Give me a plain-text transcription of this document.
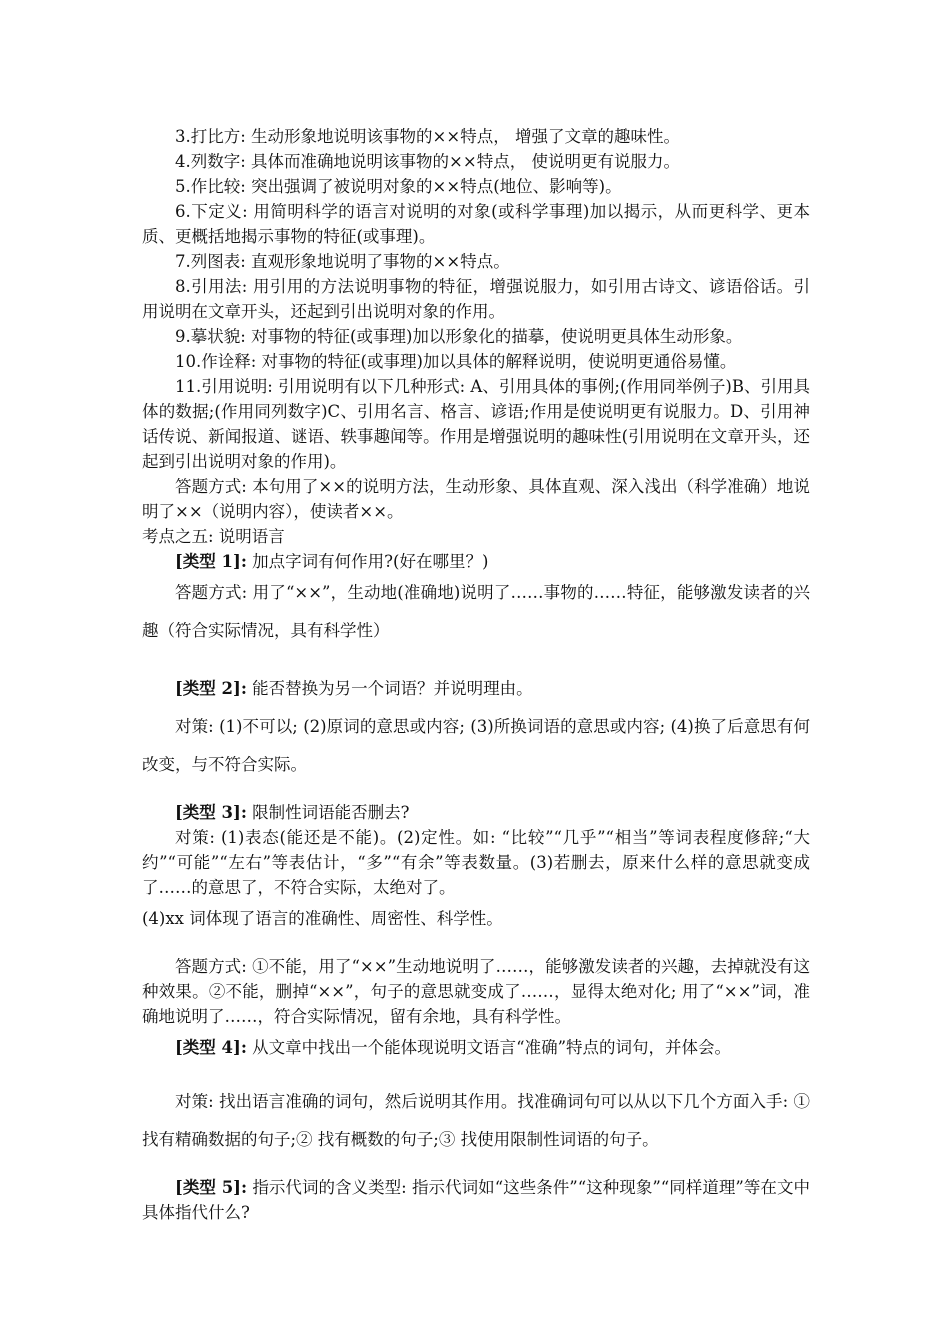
3.打比方: 生动形象地说明该事物的××特点， 增强了文章的趣味性。

4.列数字: 具体而准确地说明该事物的××特点， 使说明更有说服力。

5.作比较: 突出强调了被说明对象的××特点(地位、影响等)。

6.下定义: 用简明科学的语言对说明的对象(或科学事理)加以揭示，从而更科学、更本质、更概括地揭示事物的特征(或事理)。

7.列图表: 直观形象地说明了事物的××特点。

8.引用法: 用引用的方法说明事物的特征，增强说服力，如引用古诗文、谚语俗话。引用说明在文章开头，还起到引出说明对象的作用。

9.摹状貌: 对事物的特征(或事理)加以形象化的描摹，使说明更具体生动形象。

10.作诠释: 对事物的特征(或事理)加以具体的解释说明，使说明更通俗易懂。

11.引用说明: 引用说明有以下几种形式: A、引用具体的事例;(作用同举例子)B、引用具体的数据;(作用同列数字)C、引用名言、格言、谚语;作用是使说明更有说服力。D、引用神话传说、新闻报道、谜语、轶事趣闻等。作用是增强说明的趣味性(引用说明在文章开头，还起到引出说明对象的作用)。

答题方式: 本句用了××的说明方法，生动形象、具体直观、深入浅出（科学准确）地说明了××（说明内容），使读者××。

考点之五: 说明语言

[类型 1]: 加点字词有何作用?(好在哪里？)

答题方式: 用了“××”，生动地(准确地)说明了……事物的……特征，能够激发读者的兴趣（符合实际情况，具有科学性）

[类型 2]: 能否替换为另一个词语？并说明理由。

对策: (1)不可以; (2)原词的意思或内容; (3)所换词语的意思或内容; (4)换了后意思有何改变，与不符合实际。

[类型 3]: 限制性词语能否删去?

对策: (1)表态(能还是不能)。(2)定性。如: “比较”“几乎”“相当”等词表程度修辞;“大约”“可能”“左右”等表估计，“多”“有余”等表数量。(3)若删去，原来什么样的意思就变成了……的意思了，不符合实际，太绝对了。

(4)xx 词体现了语言的准确性、周密性、科学性。

答题方式: ①不能，用了“××”生动地说明了……，能够激发读者的兴趣，去掉就没有这种效果。②不能，删掉“××”，句子的意思就变成了……，显得太绝对化; 用了“××”词，准确地说明了……，符合实际情况，留有余地，具有科学性。

[类型 4]: 从文章中找出一个能体现说明文语言“准确”特点的词句，并体会。

对策: 找出语言准确的词句，然后说明其作用。找准确词句可以从以下几个方面入手: ①找有精确数据的句子;② 找有概数的句子;③ 找使用限制性词语的句子。

[类型 5]: 指示代词的含义类型: 指示代词如“这些条件”“这种现象”“同样道理”等在文中具体指代什么?
